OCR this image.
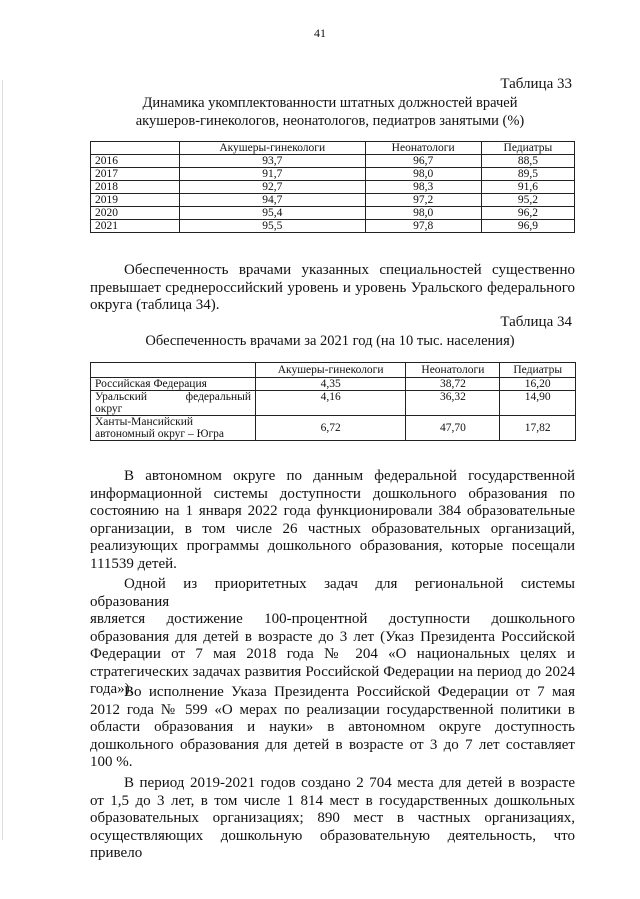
41
Таблица 33
Динамика укомплектованности штатных должностей врачей
акушеров-гинекологов, неонатологов, педиатров занятыми (%)
	Акушеры-гинекологи	Неонатологи	Педиатры
2016	93,7	96,7	88,5
2017	91,7	98,0	89,5
2018	92,7	98,3	91,6
2019	94,7	97,2	95,2
2020	95,4	98,0	96,2
2021	95,5	97,8	96,9
Обеспеченность врачами указанных специальностей существенно
превышает среднероссийский уровень и уровень Уральского федерального
округа (таблица 34).
Таблица 34
Обеспеченность врачами за 2021 год (на 10 тыс. населения)
	Акушеры-гинекологи	Неонатологи	Педиатры

Российская Федерация	4,35	38,72	16,20

Уральский федеральный
округ	4,16	36,32	14,90

Ханты-Мансийский
автономный округ – Югра	6,72	47,70	17,82
В автономном округе по данным федеральной государственной
информационной системы доступности дошкольного образования по
состоянию на 1 января 2022 года функционировали 384 образовательные
организации, в том числе 26 частных образовательных организаций,
реализующих программы дошкольного образования, которые посещали
111539 детей.
Одной из приоритетных задач для региональной системы образования
является достижение 100-процентной доступности дошкольного
образования для детей в возрасте до 3 лет (Указ Президента Российской
Федерации от 7 мая 2018 года № 204 «О национальных целях и
стратегических задачах развития Российской Федерации на период до 2024
года»).
Во исполнение Указа Президента Российской Федерации от 7 мая
2012 года № 599 «О мерах по реализации государственной политики в
области образования и науки» в автономном округе доступность
дошкольного образования для детей в возрасте от 3 до 7 лет составляет
100 %.
В период 2019-2021 годов создано 2 704 места для детей в возрасте
от 1,5 до 3 лет, в том числе 1 814 мест в государственных дошкольных
образовательных организациях; 890 мест в частных организациях,
осуществляющих дошкольную образовательную деятельность, что привело
